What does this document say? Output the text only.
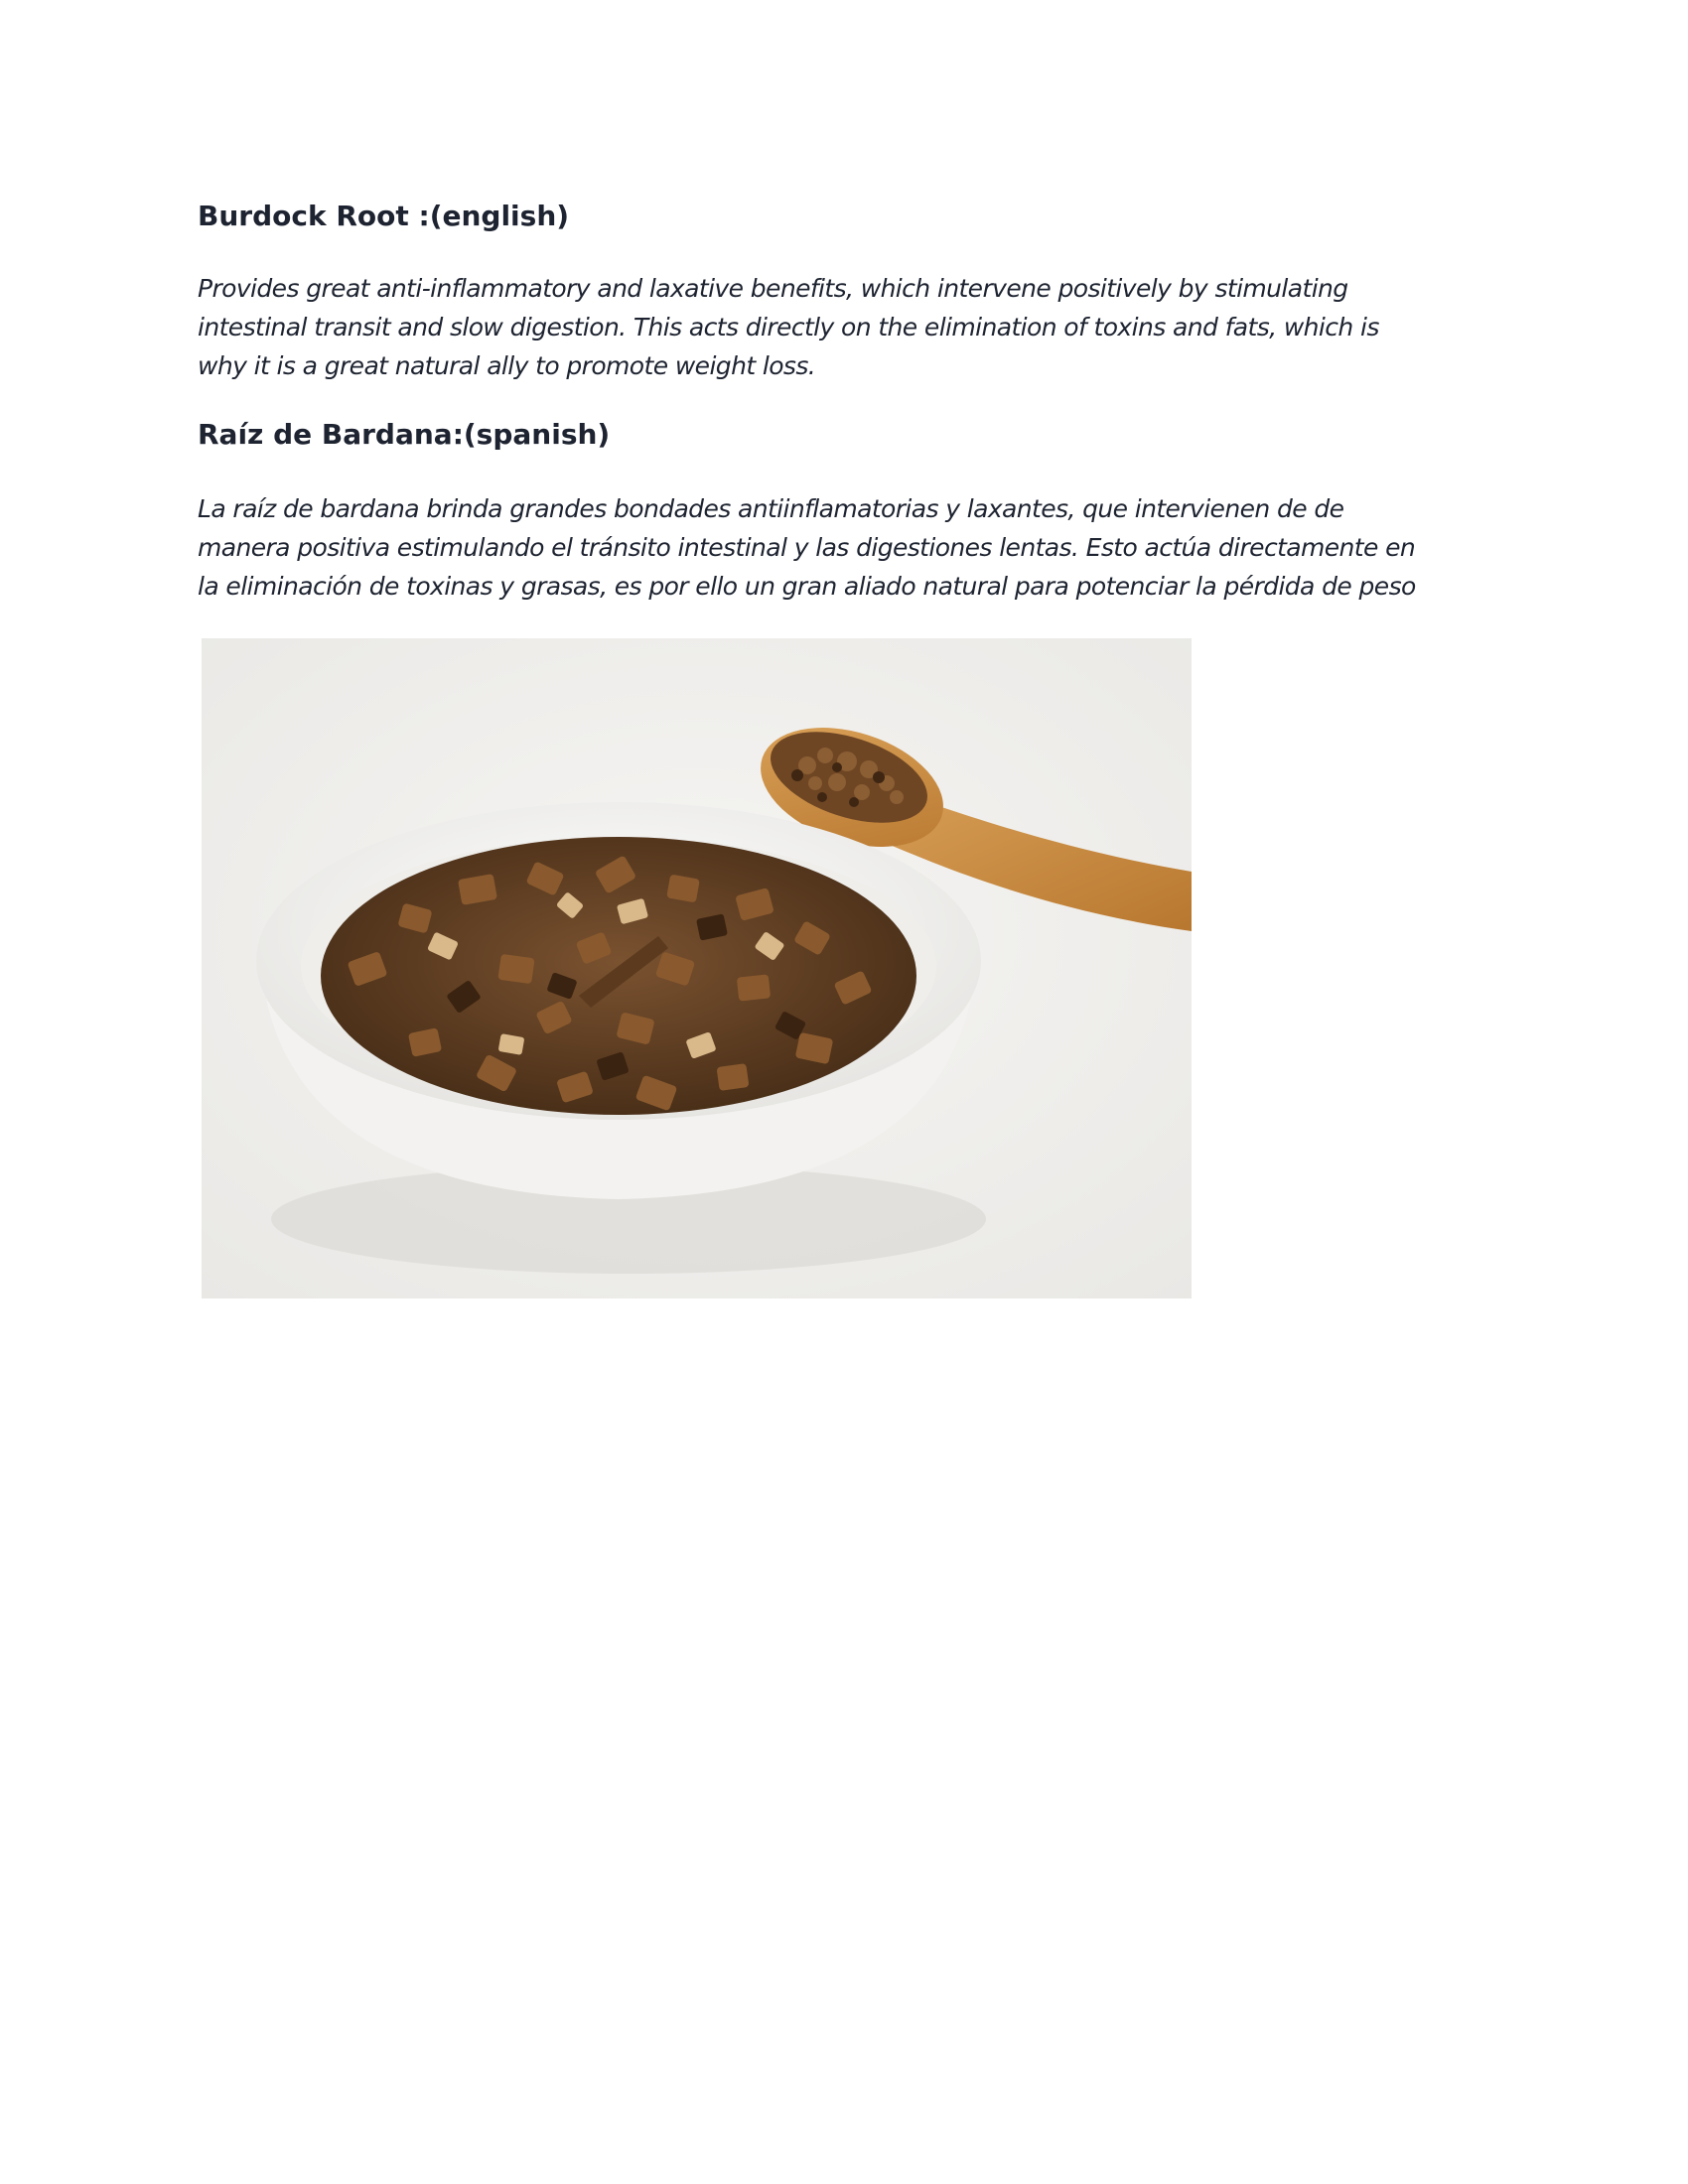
Burdock Root :(english)
Provides great anti-inflammatory and laxative benefits, which intervene positively by stimulating
intestinal transit and slow digestion. This acts directly on the elimination of toxins and fats, which is
why it is a great natural ally to promote weight loss.
Raíz de Bardana:(spanish)
La raíz de bardana brinda grandes bondades antiinflamatorias y laxantes, que intervienen de de
manera positiva estimulando el tránsito intestinal y las digestiones lentas. Esto actúa directamente en
la eliminación de toxinas y grasas, es por ello un gran aliado natural para potenciar la pérdida de peso
